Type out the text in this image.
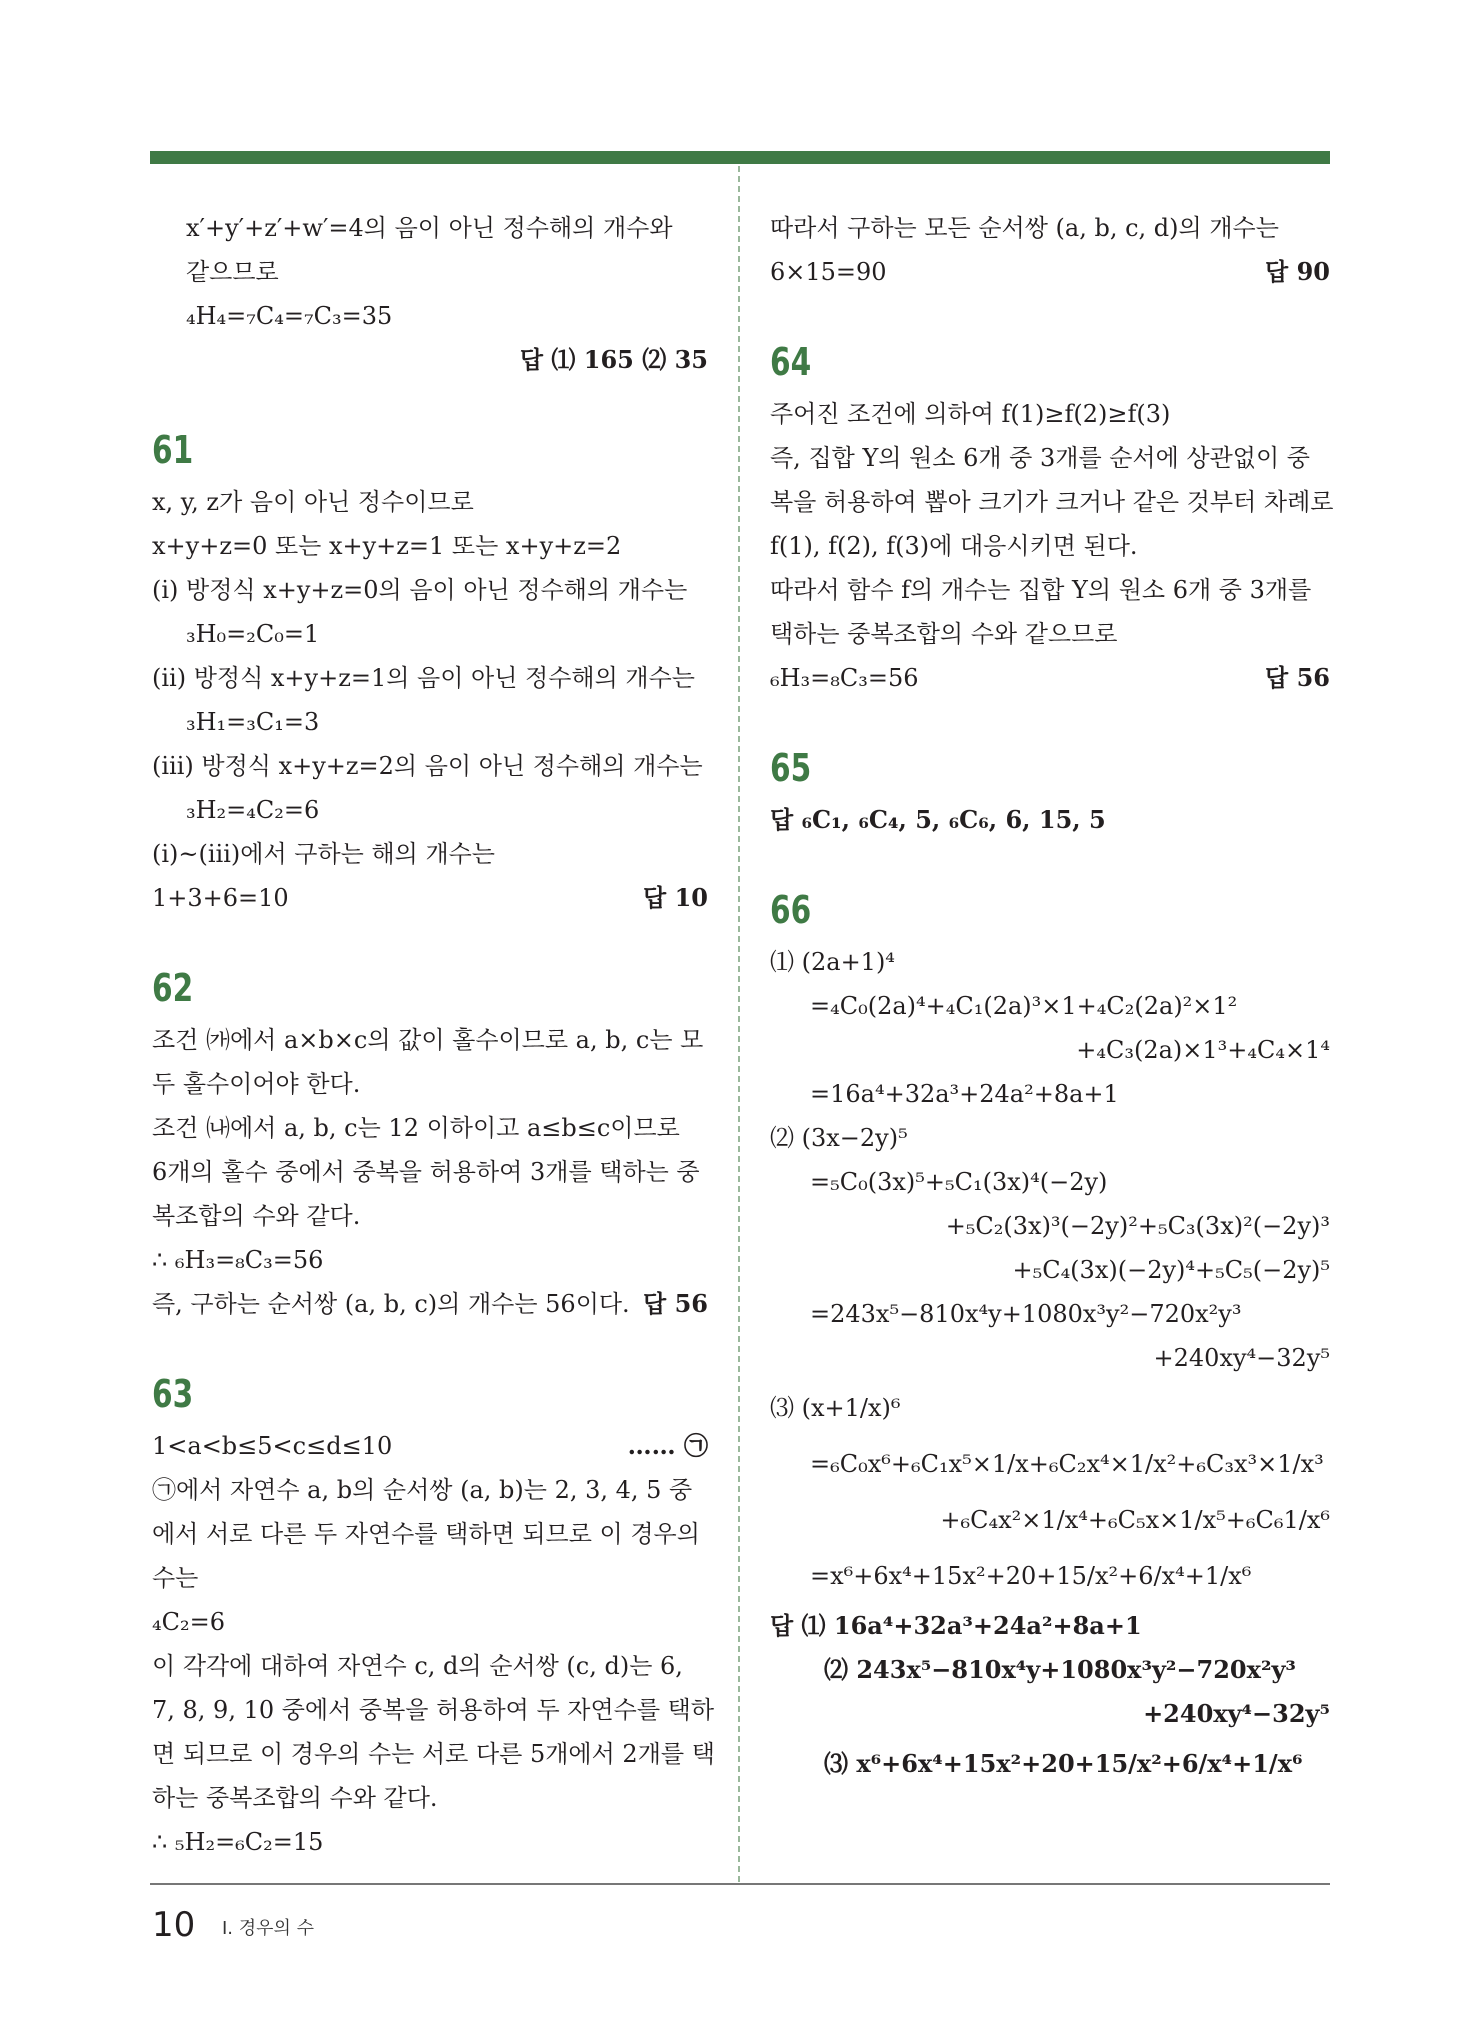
x′+y′+z′+w′=4의 음이 아닌 정수해의 개수와
같으므로
₄H₄=₇C₄=₇C₃=35
답 ⑴ 165 ⑵ 35
61
x, y, z가 음이 아닌 정수이므로
x+y+z=0 또는 x+y+z=1 또는 x+y+z=2
(ⅰ) 방정식 x+y+z=0의 음이 아닌 정수해의 개수는
₃H₀=₂C₀=1
(ⅱ) 방정식 x+y+z=1의 음이 아닌 정수해의 개수는
₃H₁=₃C₁=3
(ⅲ) 방정식 x+y+z=2의 음이 아닌 정수해의 개수는
₃H₂=₄C₂=6
(ⅰ)~(ⅲ)에서 구하는 해의 개수는
1+3+6=10	답 10
62
조건 ㈎에서 a×b×c의 값이 홀수이므로 a, b, c는 모
두 홀수이어야 한다.
조건 ㈏에서 a, b, c는 12 이하이고 a≤b≤c이므로
6개의 홀수 중에서 중복을 허용하여 3개를 택하는 중
복조합의 수와 같다.
∴ ₆H₃=₈C₃=56
즉, 구하는 순서쌍 (a, b, c)의 개수는 56이다. 답 56
63
1<a<b≤5<c≤d≤10	…… ㉠
㉠에서 자연수 a, b의 순서쌍 (a, b)는 2, 3, 4, 5 중
에서 서로 다른 두 자연수를 택하면 되므로 이 경우의
수는
₄C₂=6
이 각각에 대하여 자연수 c, d의 순서쌍 (c, d)는 6,
7, 8, 9, 10 중에서 중복을 허용하여 두 자연수를 택하
면 되므로 이 경우의 수는 서로 다른 5개에서 2개를 택
하는 중복조합의 수와 같다.
∴ ₅H₂=₆C₂=15
따라서 구하는 모든 순서쌍 (a, b, c, d)의 개수는
6×15=90	답 90
64
주어진 조건에 의하여 f(1)≥f(2)≥f(3)
즉, 집합 Y의 원소 6개 중 3개를 순서에 상관없이 중
복을 허용하여 뽑아 크기가 크거나 같은 것부터 차례로
f(1), f(2), f(3)에 대응시키면 된다.
따라서 함수 f의 개수는 집합 Y의 원소 6개 중 3개를
택하는 중복조합의 수와 같으므로
₆H₃=₈C₃=56	답 56
65
답 ₆C₁, ₆C₄, 5, ₆C₆, 6, 15, 5
66
⑴ (2a+1)⁴
=₄C₀(2a)⁴+₄C₁(2a)³×1+₄C₂(2a)²×1²
+₄C₃(2a)×1³+₄C₄×1⁴
=16a⁴+32a³+24a²+8a+1
⑵ (3x−2y)⁵
=₅C₀(3x)⁵+₅C₁(3x)⁴(−2y)
+₅C₂(3x)³(−2y)²+₅C₃(3x)²(−2y)³
+₅C₄(3x)(−2y)⁴+₅C₅(−2y)⁵
=243x⁵−810x⁴y+1080x³y²−720x²y³
+240xy⁴−32y⁵
⑶ (x+1/x)⁶
=₆C₀x⁶+₆C₁x⁵×1/x+₆C₂x⁴×1/x²+₆C₃x³×1/x³
+₆C₄x²×1/x⁴+₆C₅x×1/x⁵+₆C₆1/x⁶
=x⁶+6x⁴+15x²+20+15/x²+6/x⁴+1/x⁶
답 ⑴ 16a⁴+32a³+24a²+8a+1
⑵ 243x⁵−810x⁴y+1080x³y²−720x²y³
+240xy⁴−32y⁵
⑶ x⁶+6x⁴+15x²+20+15/x²+6/x⁴+1/x⁶
10 Ⅰ. 경우의 수
